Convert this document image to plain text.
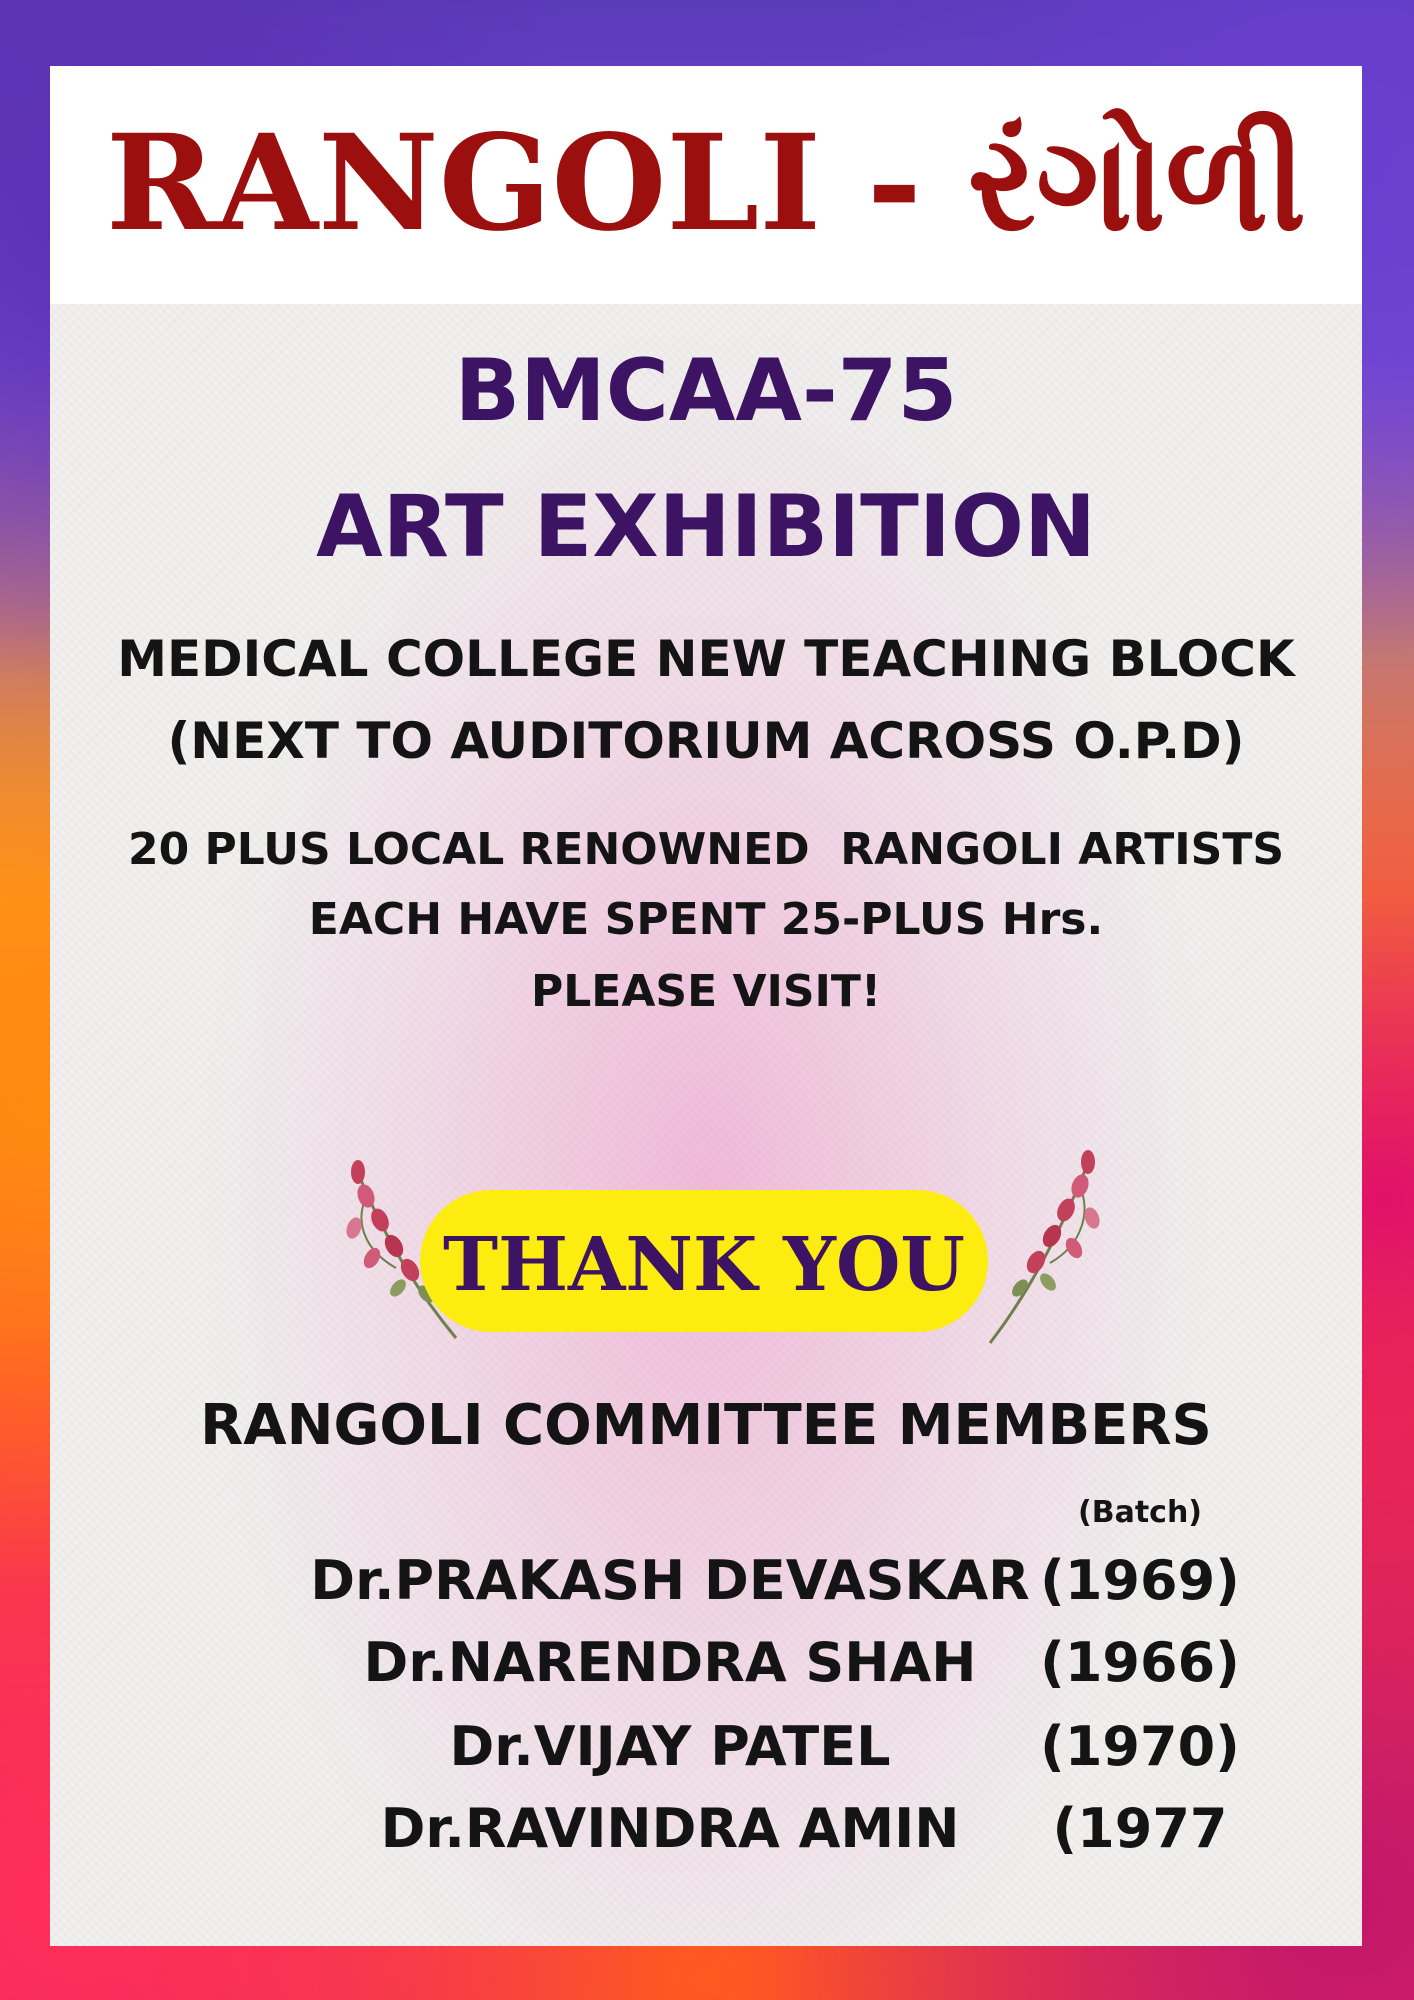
RANGOLI - રંગોળી
BMCAA-75
ART EXHIBITION
MEDICAL COLLEGE NEW TEACHING BLOCK
(NEXT TO AUDITORIUM ACROSS O.P.D)
20 PLUS LOCAL RENOWNED  RANGOLI ARTISTS
EACH HAVE SPENT 25-PLUS Hrs.
PLEASE VISIT!
THANK YOU
RANGOLI COMMITTEE MEMBERS
(Batch)
Dr.PRAKASH DEVASKAR (1969)
Dr.NARENDRA SHAH	(1966)
Dr.VIJAY PATEL	(1970)
Dr.RAVINDRA AMIN	(1977
